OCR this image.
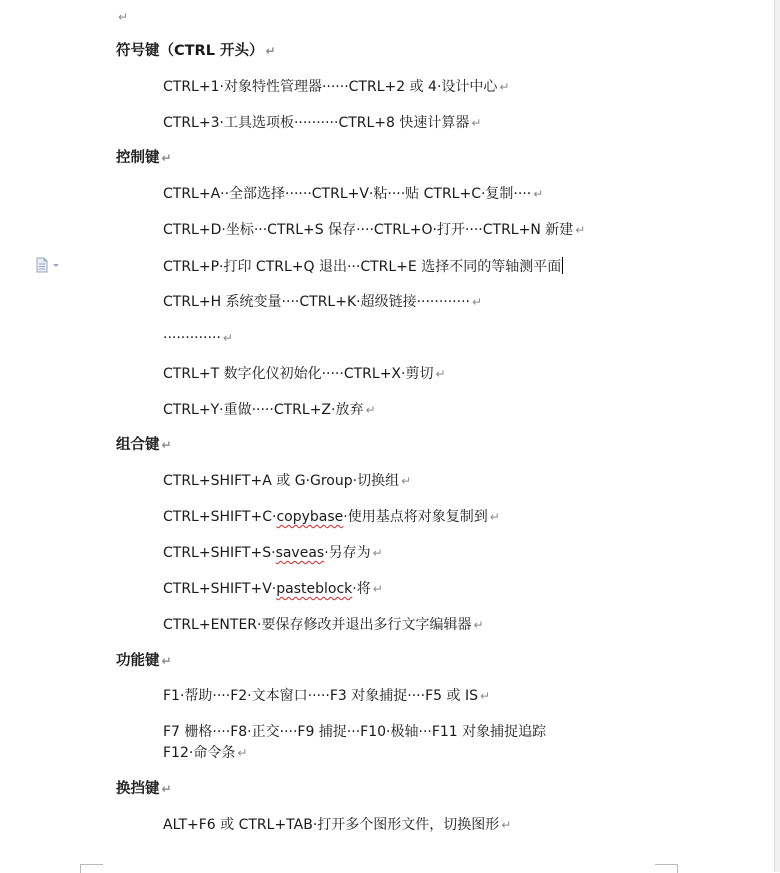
↵
符号键（CTRL 开头） ↵
CTRL+1·对象特性管理器······CTRL+2 或 4·设计中心 ↵
CTRL+3·工具选项板··········CTRL+8 快速计算器 ↵
控制键 ↵
CTRL+A··全部选择······CTRL+V·粘····贴 CTRL+C·复制···· ↵
CTRL+D·坐标···CTRL+S 保存····CTRL+O·打开····CTRL+N 新建 ↵
CTRL+P·打印 CTRL+Q 退出···CTRL+E 选择不同的等轴测平面
CTRL+H 系统变量····CTRL+K·超级链接············ ↵
············· ↵
CTRL+T 数字化仪初始化·····CTRL+X·剪切 ↵
CTRL+Y·重做·····CTRL+Z·放弃 ↵
组合键 ↵
CTRL+SHIFT+A 或 G·Group·切换组 ↵
CTRL+SHIFT+C·copybase·使用基点将对象复制到 ↵
CTRL+SHIFT+S·saveas·另存为 ↵
CTRL+SHIFT+V·pasteblock·将 ↵
CTRL+ENTER·要保存修改并退出多行文字编辑器 ↵
功能键 ↵
F1·帮助····F2·文本窗口·····F3 对象捕捉····F5 或 IS ↵
F7 栅格····F8·正交····F9 捕捉···F10·极轴···F11 对象捕捉追踪
F12·命令条 ↵
换挡键 ↵
ALT+F6 或 CTRL+TAB·打开多个图形文件，切换图形 ↵
